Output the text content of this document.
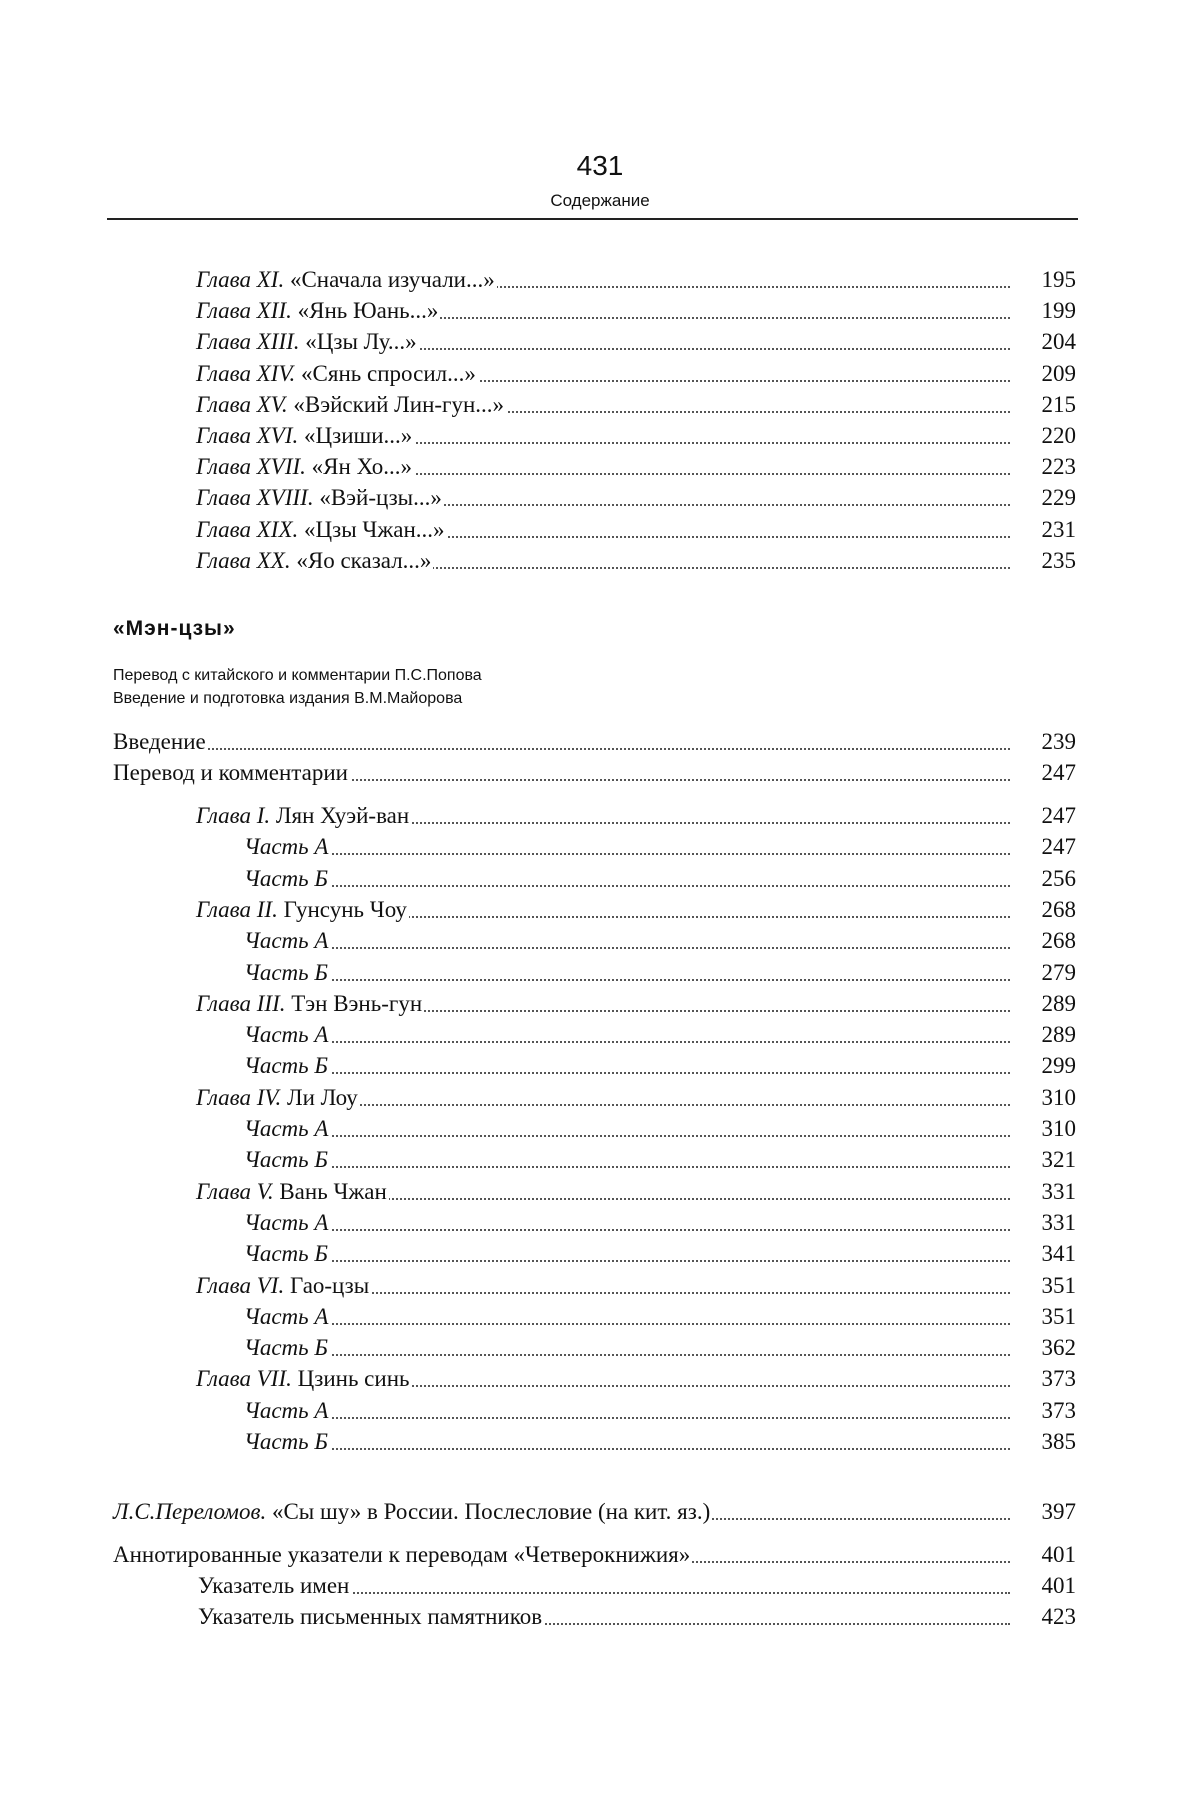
431
Содержание
Глава XI. «Сначала изучали...»	195
Глава XII. «Янь Юань...»	199
Глава XIII. «Цзы Лу...»	204
Глава XIV. «Сянь спросил...»	209
Глава XV. «Вэйский Лин-гун...»	215
Глава XVI. «Цзиши...»	220
Глава XVII. «Ян Хо...»	223
Глава XVIII. «Вэй-цзы...»	229
Глава XIX. «Цзы Чжан...»	231
Глава XX. «Яо сказал...»	235
Введение	239
Перевод и комментарии	247
Глава I. Лян Хуэй-ван	247
Часть А	247
Часть Б	256
Глава II. Гунсунь Чоу	268
Часть А	268
Часть Б	279
Глава III. Тэн Вэнь-гун	289
Часть А	289
Часть Б	299
Глава IV. Ли Лоу	310
Часть А	310
Часть Б	321
Глава V. Вань Чжан	331
Часть А	331
Часть Б	341
Глава VI. Гао-цзы	351
Часть А	351
Часть Б	362
Глава VII. Цзинь синь	373
Часть А	373
Часть Б	385
Л.С.Переломов. «Сы шу» в России. Послесловие (на кит. яз.)	397
Аннотированные указатели к переводам «Четверокнижия»	401
Указатель имен	401
Указатель письменных памятников	423
«Мэн-цзы»
Перевод с китайского и комментарии П.С.Попова
Введение и подготовка издания В.М.Майорова
